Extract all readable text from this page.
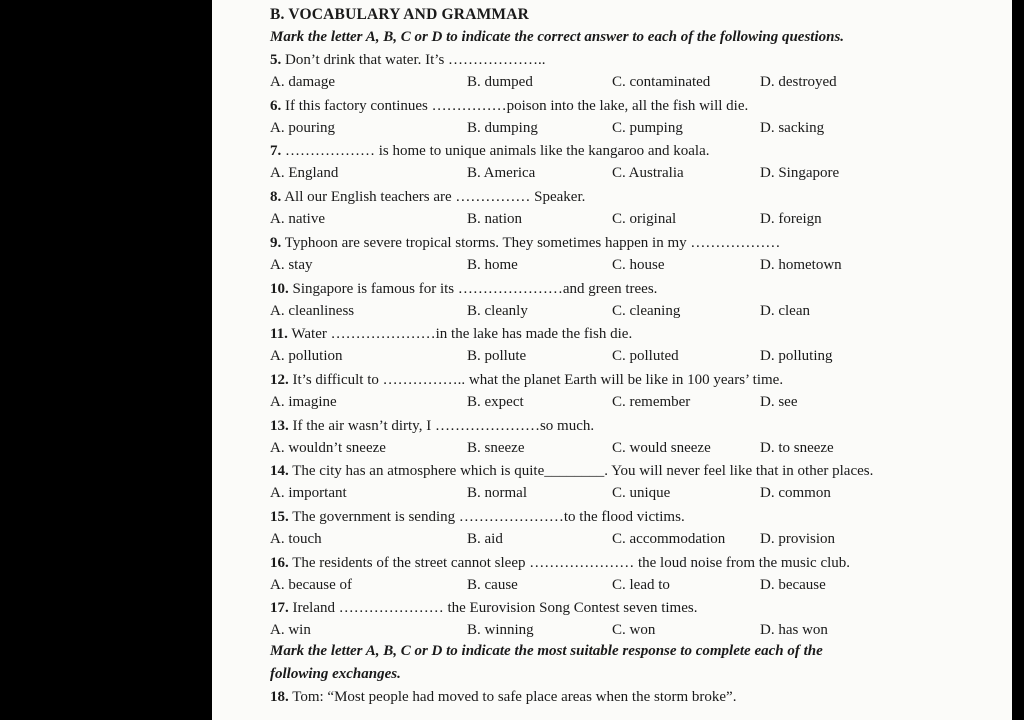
B. VOCABULARY AND GRAMMAR
Mark the letter A, B, C or D to indicate the correct answer to each of the following questions.
5. Don’t drink that water. It’s ………………..
A. damage	B. dumped	C. contaminated	D. destroyed
6. If this factory continues ……………poison into the lake, all the fish will die.
A. pouring	B. dumping	C. pumping	D. sacking
7. ……………… is home to unique animals like the kangaroo and koala.
A. England	B. America	C. Australia	D. Singapore
8. All our English teachers are …………… Speaker.
A. native	B. nation	C. original	D. foreign
9. Typhoon are severe tropical storms. They sometimes happen in my ………………
A. stay	B. home	C. house	D. hometown
10. Singapore is famous for its …………………and green trees.
A. cleanliness	B. cleanly	C. cleaning	D. clean
11. Water …………………in the lake has made the fish die.
A. pollution	B. pollute	C. polluted	D. polluting
12. It’s difficult to …………….. what the planet Earth will be like in 100 years’ time.
A. imagine	B. expect	C. remember	D. see
13. If the air wasn’t dirty, I …………………so much.
A. wouldn’t sneeze	B. sneeze	C. would sneeze	D. to sneeze
14. The city has an atmosphere which is quite________. You will never feel like that in other places.
A. important	B. normal	C. unique	D. common
15. The government is sending …………………to the flood victims.
A. touch	B. aid	C. accommodation D. provision
16. The residents of the street cannot sleep ………………… the loud noise from the music club.
A. because of	B. cause	C. lead to	D. because
17. Ireland ………………… the Eurovision Song Contest seven times.
A. win	B. winning	C. won	D. has won
Mark the letter A, B, C or D to indicate the most suitable response to complete each of the
following exchanges.
18. Tom: “Most people had moved to safe place areas when the storm broke”.
